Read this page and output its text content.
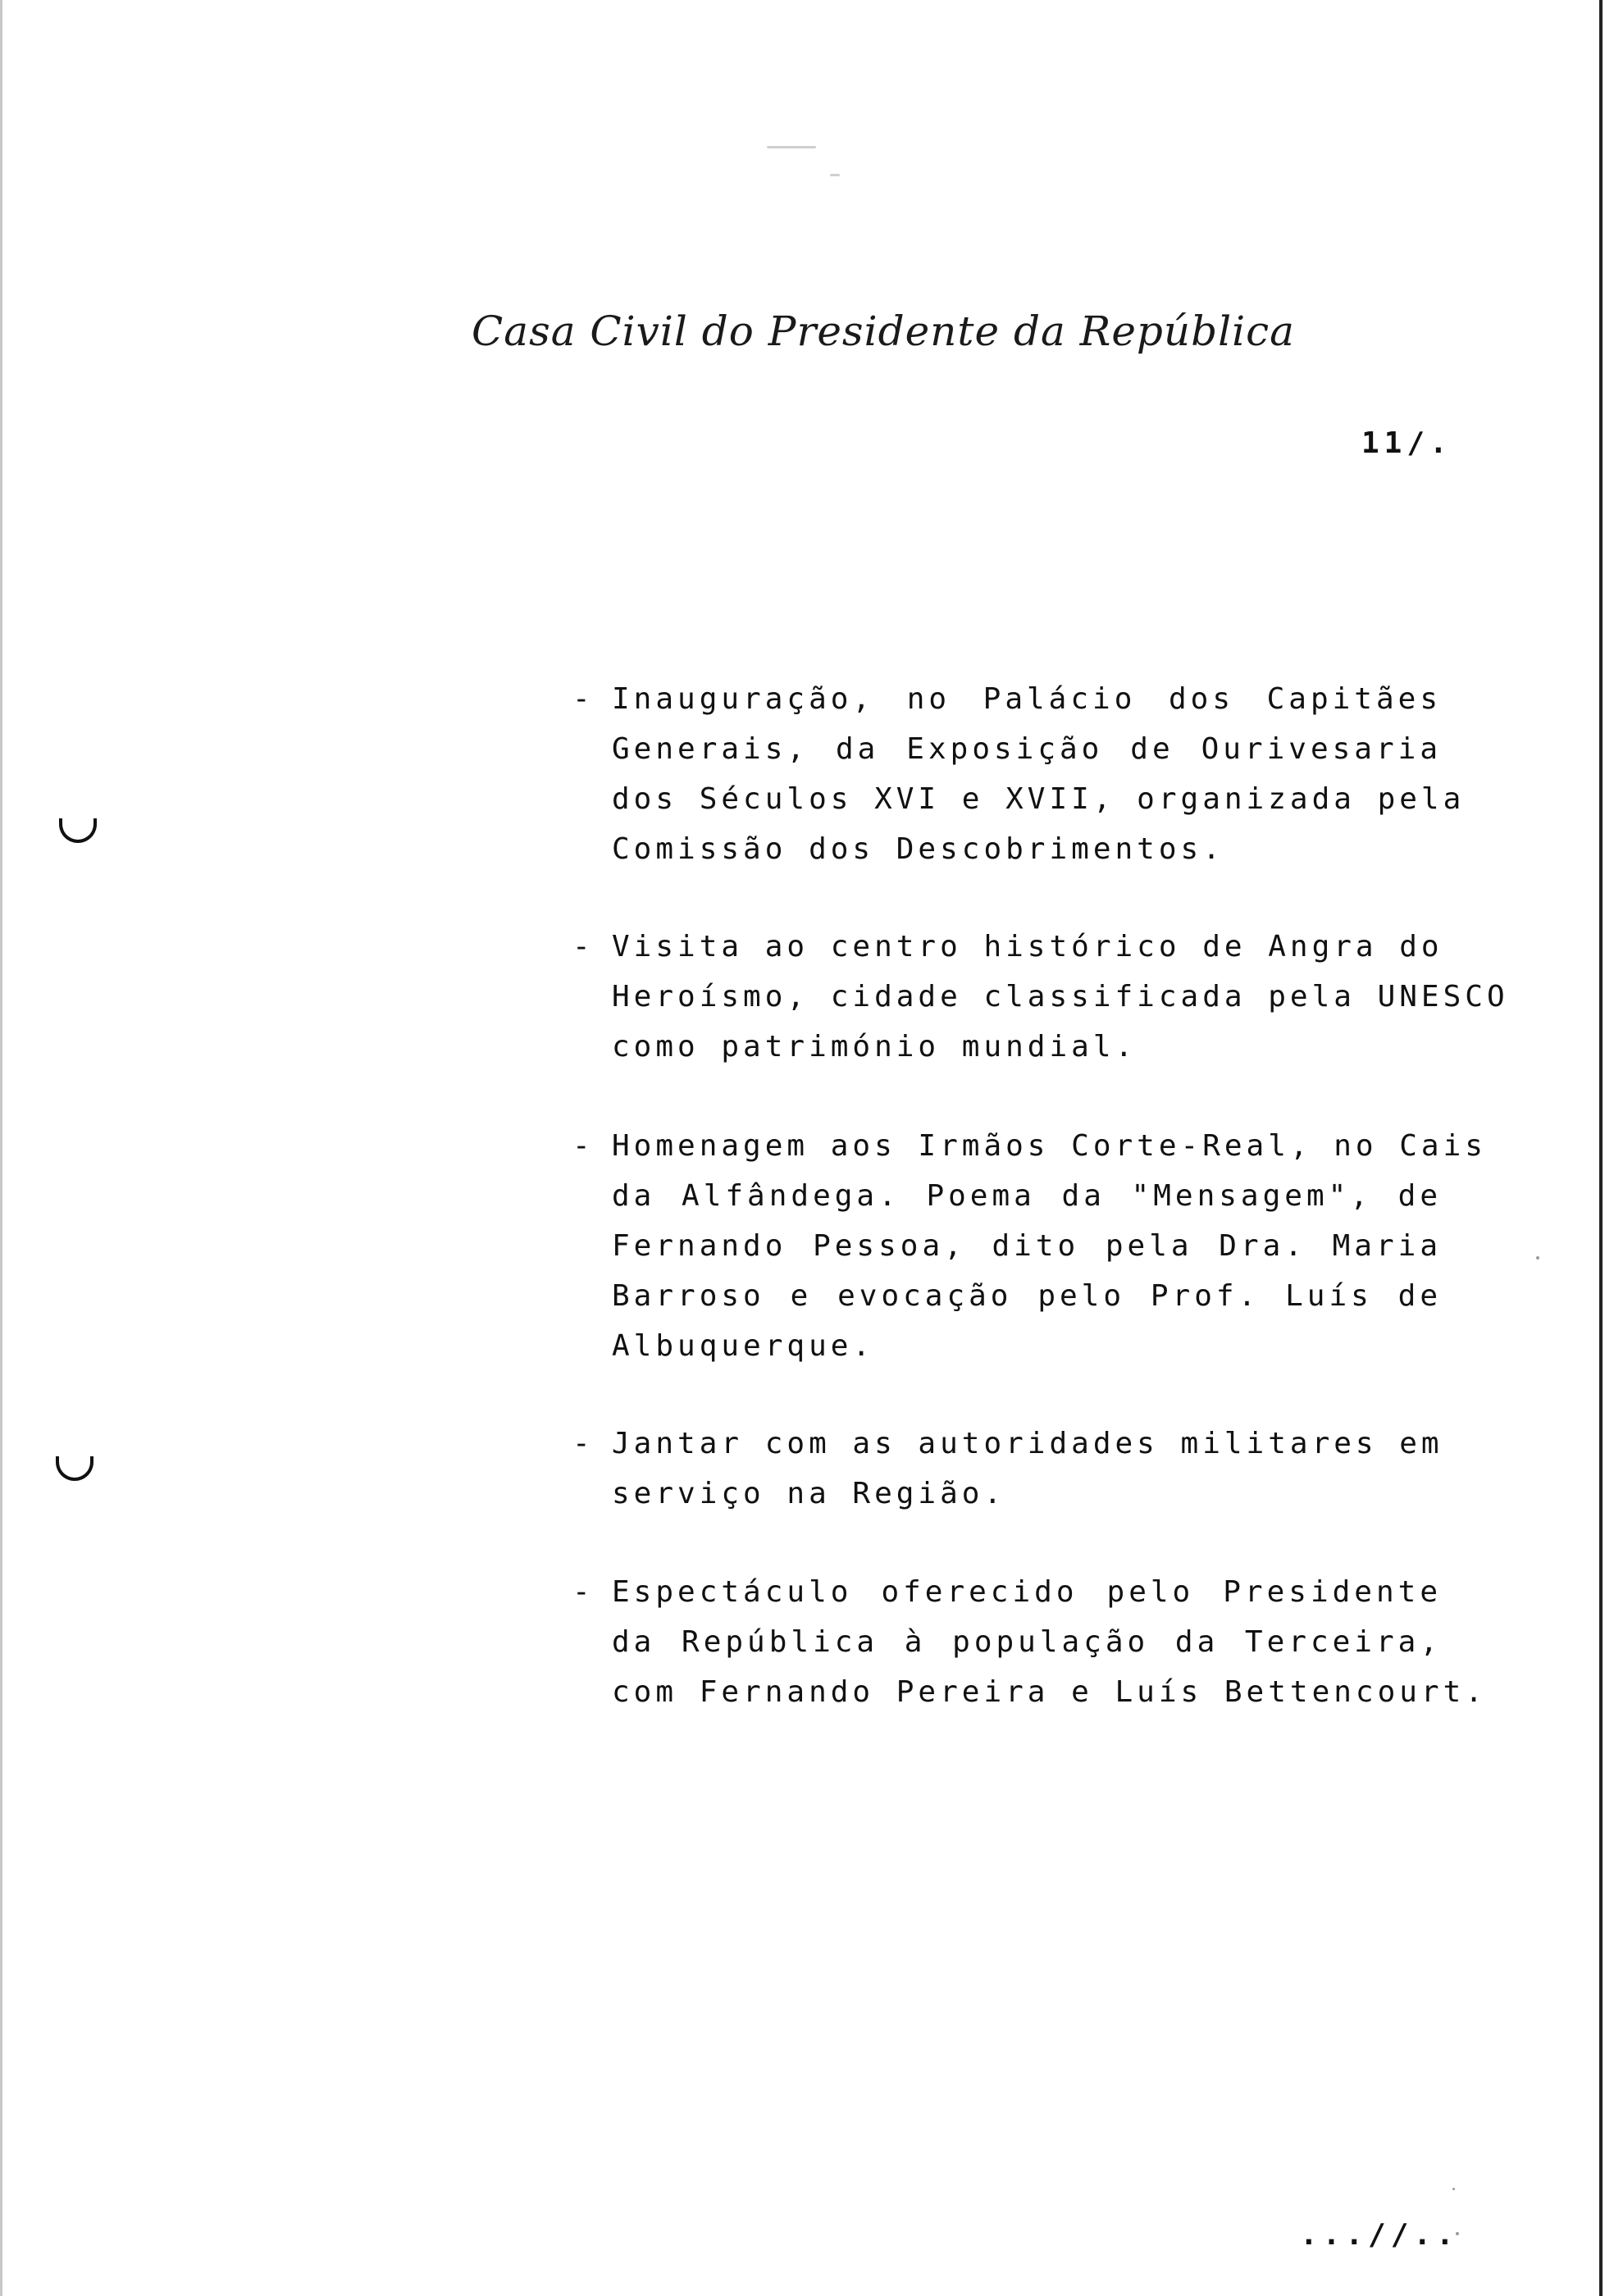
Casa Civil do Presidente da República
11/.
- Inauguração, no Palácio dos Capitães
Generais, da Exposição de Ourivesaria
dos Séculos XVI e XVII, organizada pela
Comissão dos Descobrimentos.
- Visita ao centro histórico de Angra do
Heroísmo, cidade classificada pela UNESCO
como património mundial.
- Homenagem aos Irmãos Corte-Real, no Cais
da Alfândega. Poema da "Mensagem", de
Fernando Pessoa, dito pela Dra. Maria
Barroso e evocação pelo Prof. Luís de
Albuquerque.
- Jantar com as autoridades militares em
serviço na Região.
- Espectáculo oferecido pelo Presidente
da República à população da Terceira,
com Fernando Pereira e Luís Bettencourt.
...//..
